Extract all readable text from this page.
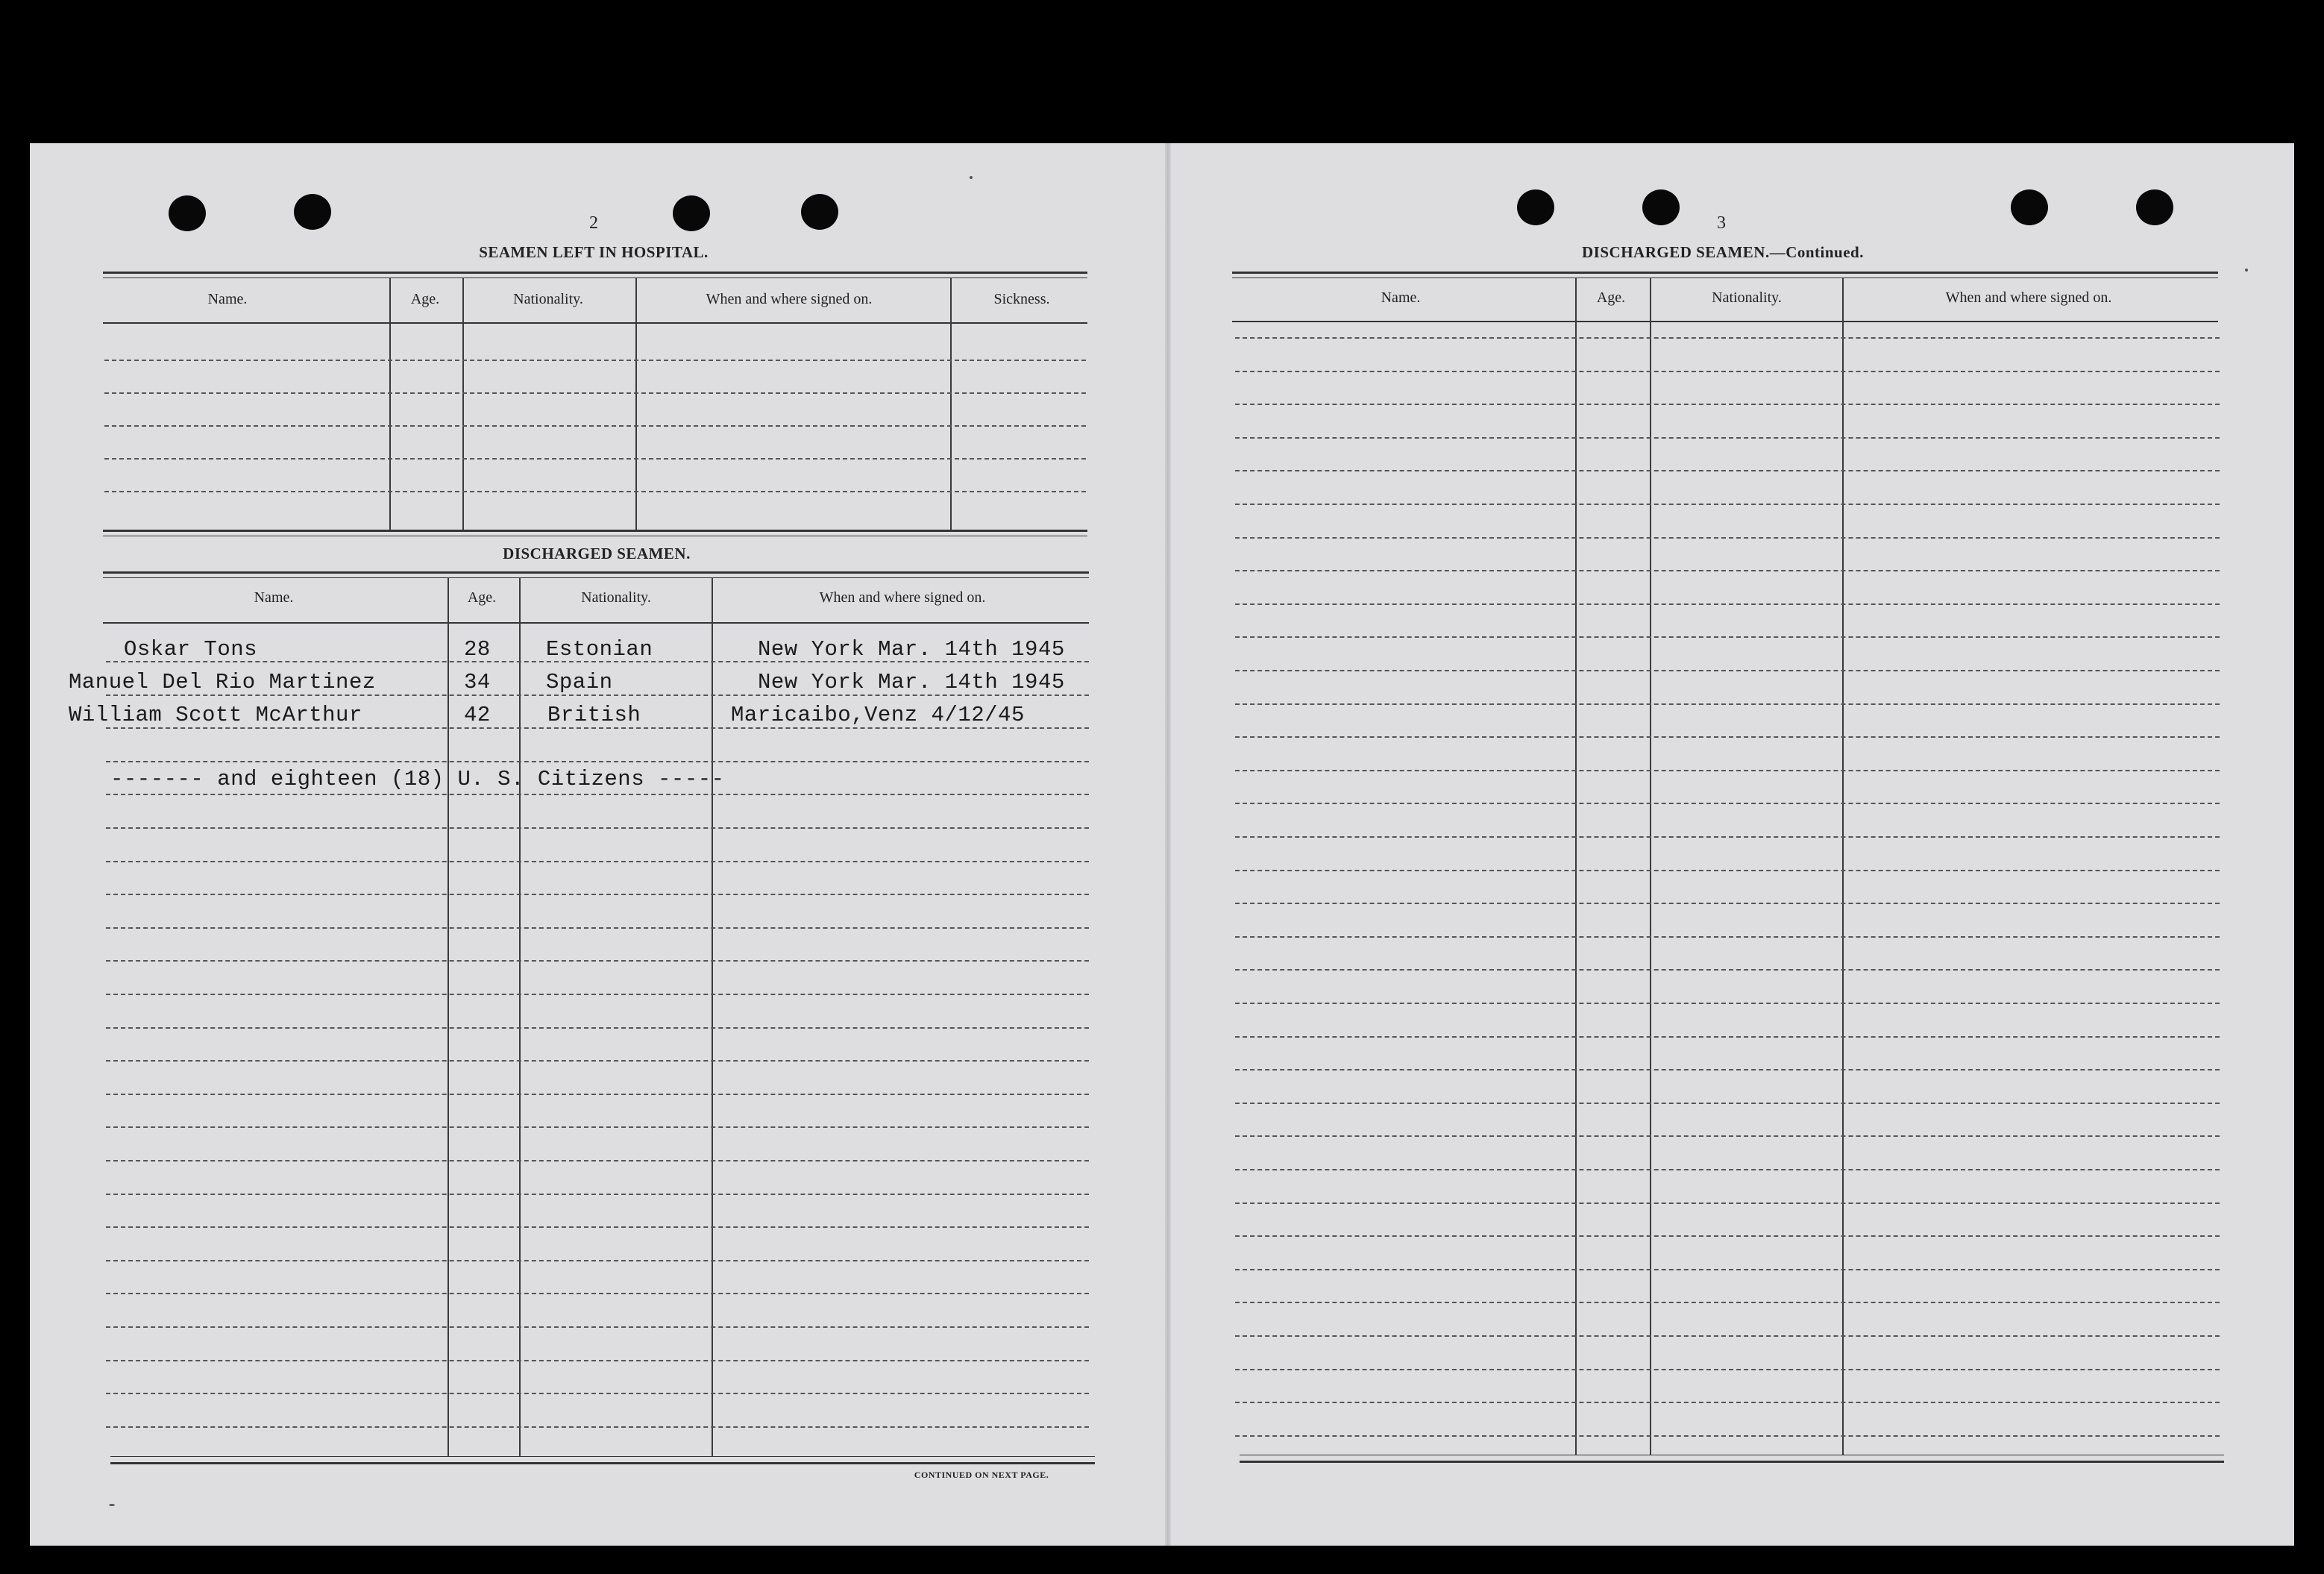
2
SEAMEN LEFT IN HOSPITAL.
Name.	Age.	Nationality.	When and where signed on.	Sickness.
DISCHARGED SEAMEN.
Name.	Age.	Nationality.	When and where signed on.
CONTINUED ON NEXT PAGE.
Oskar Tons	28	Estonian	New York Mar. 14th 1945
Manuel Del Rio Martinez	34	Spain	New York Mar. 14th 1945
William Scott McArthur	42	British	Maricaibo,Venz 4/12/45
------- and eighteen (18) U. S. Citizens -----
3
DISCHARGED SEAMEN.—Continued.
Name.	Age.	Nationality.	When and where signed on.
